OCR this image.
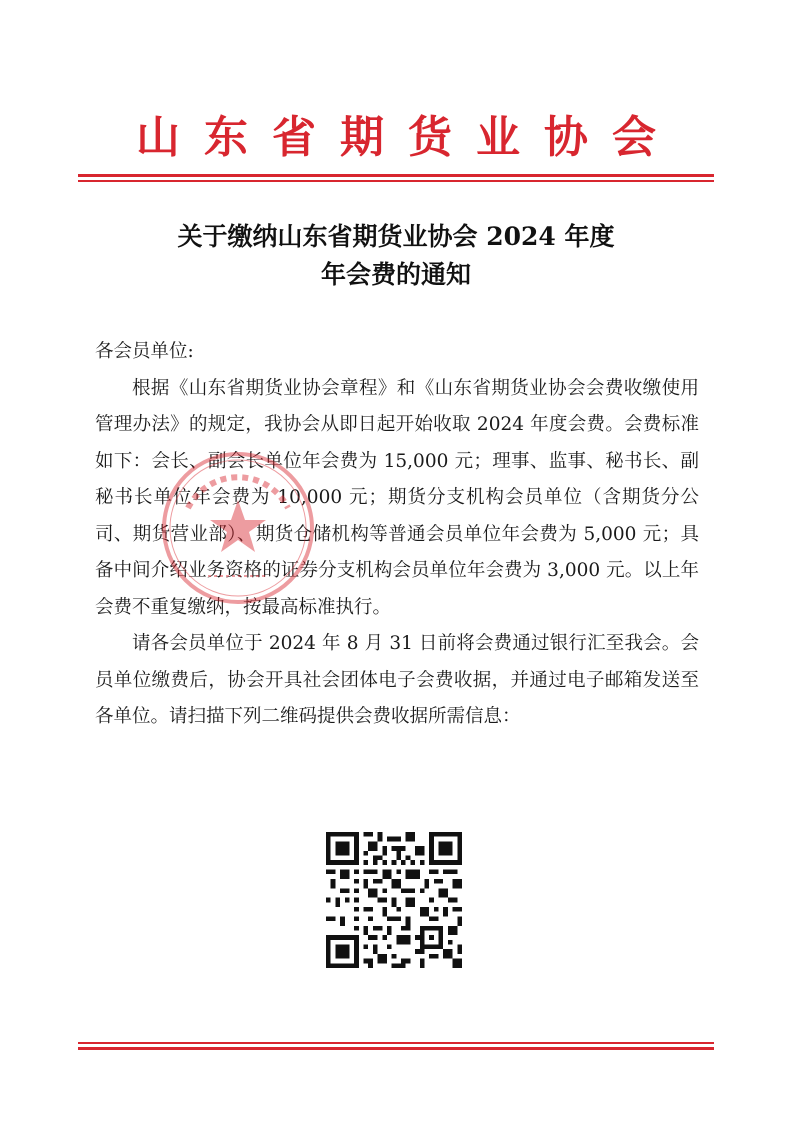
山东省期货业协会
关于缴纳山东省期货业协会 2024 年度
年会费的通知

各会员单位:

根据《山东省期货业协会章程》和《山东省期货业协会会费收缴使用管理办法》的规定，我协会从即日起开始收取 2024 年度会费。会费标准如下：会长、副会长单位年会费为 15,000 元；理事、监事、秘书长、副秘书长单位年会费为 10,000 元；期货分支机构会员单位（含期货分公司、期货营业部）、期货仓储机构等普通会员单位年会费为 5,000 元；具备中间介绍业务资格的证券分支机构会员单位年会费为 3,000 元。以上年会费不重复缴纳，按最高标准执行。

请各会员单位于 2024 年 8 月 31 日前将会费通过银行汇至我会。会员单位缴费后，协会开具社会团体电子会费收据，并通过电子邮箱发送至各单位。请扫描下列二维码提供会费收据所需信息：
